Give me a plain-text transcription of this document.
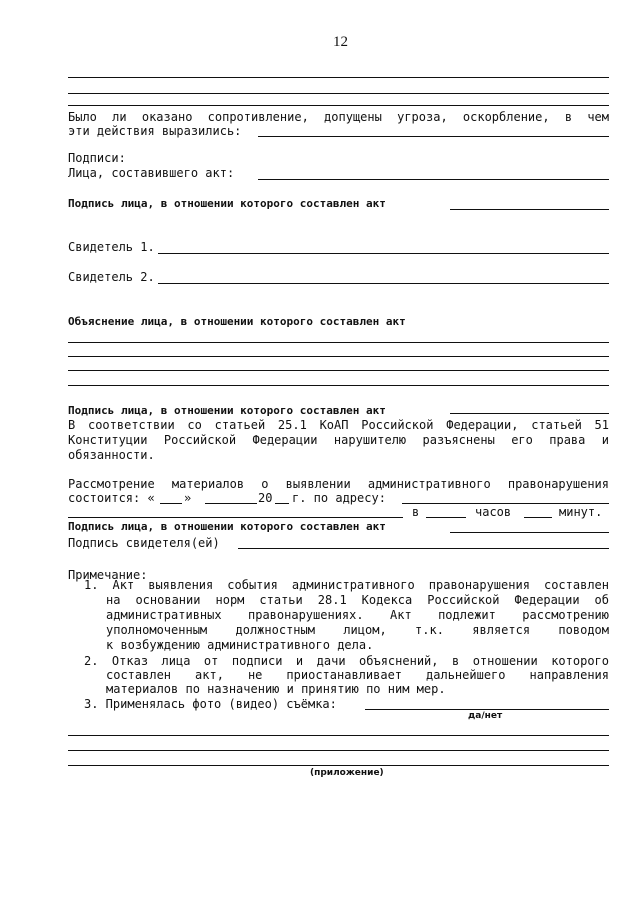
12
Было ли оказано сопротивление, допущены угроза, оскорбление, в чем
эти действия выразились:
Подписи:
Лица, составившего акт:
Подпись лица, в отношении которого составлен акт
Свидетель 1.
Свидетель 2.
Объяснение лица, в отношении которого составлен акт
Подпись лица, в отношении которого составлен акт
В соответствии со статьей 25.1 КоАП Российской Федерации, статьей 51
Конституции Российской Федерации нарушителю разъяснены его права и
обязанности.
Рассмотрение материалов о выявлении административного правонарушения
состоится: « »	20 г. по адресу:
в	часов	минут.
Подпись лица, в отношении которого составлен акт
Подпись свидетеля(ей)
Примечание:
1. Акт выявления события административного правонарушения составлен
на основании норм статьи 28.1 Кодекса Российской Федерации об
административных правонарушениях. Акт подлежит рассмотрению
уполномоченным должностным лицом, т.к. является поводом
к возбуждению административного дела.
2. Отказ лица от подписи и дачи объяснений, в отношении которого
составлен акт, не приостанавливает дальнейшего направления
материалов по назначению и принятию по ним мер.
3. Применялась фото (видео) съёмка:
да/нет
(приложение)
